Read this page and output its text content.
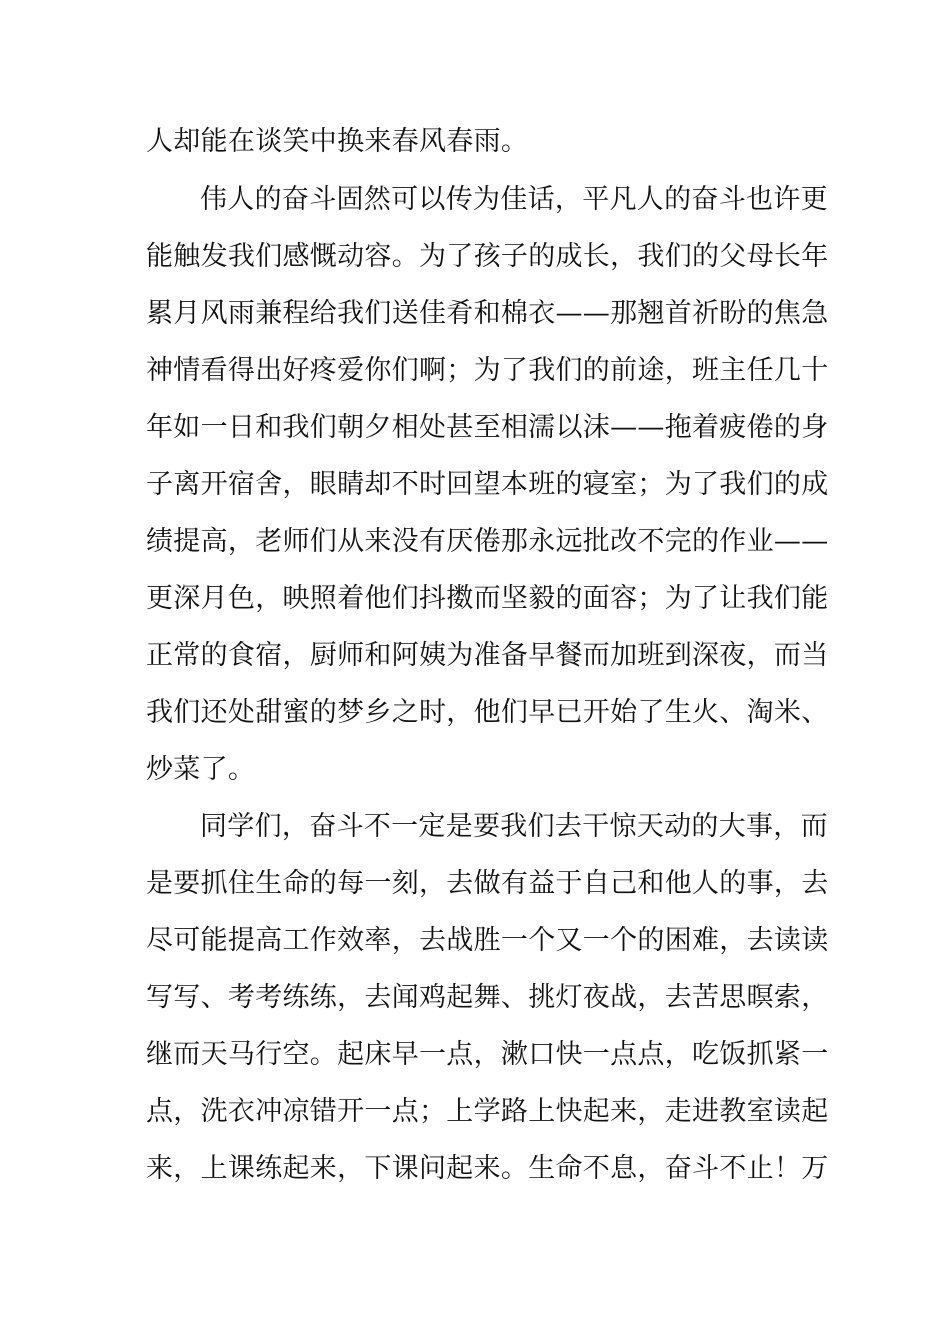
人却能在谈笑中换来春风春雨。
伟人的奋斗固然可以传为佳话，平凡人的奋斗也许更
能触发我们感慨动容。为了孩子的成长，我们的父母长年
累月风雨兼程给我们送佳肴和棉衣——那翘首祈盼的焦急
神情看得出好疼爱你们啊；为了我们的前途，班主任几十
年如一日和我们朝夕相处甚至相濡以沫——拖着疲倦的身
子离开宿舍，眼睛却不时回望本班的寝室；为了我们的成
绩提高，老师们从来没有厌倦那永远批改不完的作业——
更深月色，映照着他们抖擞而坚毅的面容；为了让我们能
正常的食宿，厨师和阿姨为准备早餐而加班到深夜，而当
我们还处甜蜜的梦乡之时，他们早已开始了生火、淘米、
炒菜了。
同学们，奋斗不一定是要我们去干惊天动的大事，而
是要抓住生命的每一刻，去做有益于自己和他人的事，去
尽可能提高工作效率，去战胜一个又一个的困难，去读读
写写、考考练练，去闻鸡起舞、挑灯夜战，去苦思暝索，
继而天马行空。起床早一点，漱口快一点点，吃饭抓紧一
点，洗衣冲凉错开一点；上学路上快起来，走进教室读起
来，上课练起来，下课问起来。生命不息，奋斗不止！万
